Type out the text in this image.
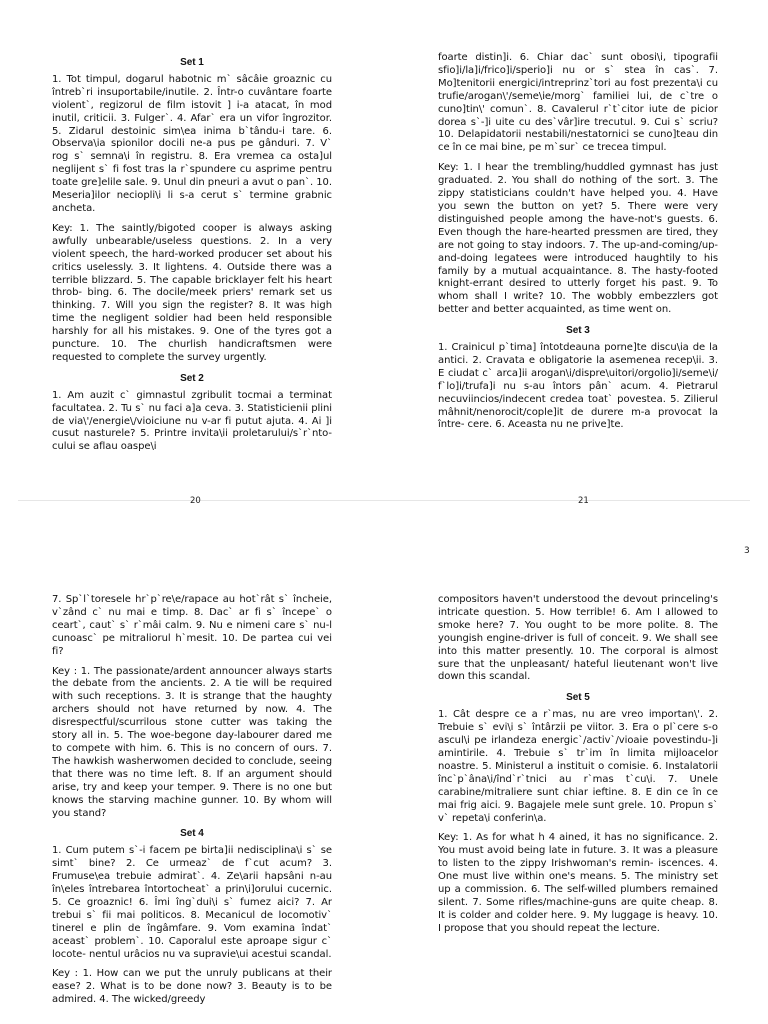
Set 1

1. Tot timpul, dogarul habotnic m` sâcâie groaznic cu întreb`ri insuportabile/inutile. 2. Într-o cuvântare foarte violent`, regizorul de film istovit ] i-a atacat, în mod inutil, criticii. 3. Fulger`. 4. Afar` era un vifor îngrozitor. 5. Zidarul destoinic sim\ea inima b`tându-i tare. 6. Observa\ia spionilor docili ne-a pus pe gânduri. 7. V` rog s` semna\i în registru. 8. Era vremea ca osta]ul neglijent s` fi fost tras la r`spundere cu asprime pentru toate gre]elile sale. 9. Unul din pneuri a avut o pan`. 10. Meseria]ilor neciopli\i li s-a cerut s` termine grabnic ancheta.

Key: 1. The saintly/bigoted cooper is always asking awfully unbearable/useless questions. 2. In a very violent speech, the hard-worked producer set about his critics uselessly. 3. It lightens. 4. Outside there was a terrible blizzard. 5. The capable bricklayer felt his heart throb- bing. 6. The docile/meek priers' remark set us thinking. 7. Will you sign the register? 8. It was high time the negligent soldier had been held responsible harshly for all his mistakes. 9. One of the tyres got a puncture. 10. The churlish handicraftsmen were requested to complete the survey urgently.

Set 2

1. Am auzit c` gimnastul zgribulit tocmai a terminat facultatea. 2. Tu s` nu faci a]a ceva. 3. Statisticienii plini de via\'/energie\/vioiciune nu v-ar fi putut ajuta. 4. Ai ]i cusut nasturele? 5. Printre invita\ii proletarului/s`r`nto- cului se aflau oaspe\i

foarte distin]i. 6. Chiar dac` sunt obosi\i, tipografii sfio]i/la]i/frico]i/sperio]i nu or s` stea în cas`. 7. Mo]tenitorii energici/intreprinz`tori au fost prezenta\i cu trufie/arogan\'/semе\ie/morg` familiei lui, de c`tre o cuno]tin\' comun`. 8. Cavalerul r`t`citor iute de picior dorea s`-]i uite cu des`vâr]ire trecutul. 9. Cui s` scriu? 10. Delapidatorii nestabili/nestatornici se cuno]teau din ce în ce mai bine, pe m`sur` ce trecea timpul.

Key: 1. I hear the trembling/huddled gymnast has just graduated. 2. You shall do nothing of the sort. 3. The zippy statisticians couldn't have helped you. 4. Have you sewn the button on yet? 5. There were very distinguished people among the have-not's guests. 6. Even though the hare-hearted pressmen are tired, they are not going to stay indoors. 7. The up-and-coming/up-and-doing legatees were introduced haughtily to his family by a mutual acquaintance. 8. The hasty-footed knight-errant desired to utterly forget his past. 9. To whom shall I write? 10. The wobbly embezzlers got better and better acquainted, as time went on.

Set 3

1. Crainicul p`tima] întotdeauna porne]te discu\ia de la antici. 2. Cravata e obligatorie la asemenea recep\ii. 3. E ciudat c` arca]ii arogan\i/dispre\uitori/orgolio]i/seme\i/ f`lo]i/trufa]i nu s-au întors pân` acum. 4. Pietrarul necuviincios/indecent credea toat` povestea. 5. Zilierul mâhnit/nenorocit/cople]it de durere m-a provocat la între- cere. 6. Aceasta nu ne prive]te.

20	21
3

7. Sp`l`toresele hr`p`re\e/rapace au hot`rât s` încheie, v`zând c` nu mai e timp. 8. Dac` ar fi s` începe` o ceart`, caut` s` r`mâi calm. 9. Nu e nimeni care s` nu-l cunoasc` pe mitraliorul h`mesit. 10. De partea cui vei fi?

Key : 1. The passionate/ardent announcer always starts the debate from the ancients. 2. A tie will be required with such receptions. 3. It is strange that the haughty archers should not have returned by now. 4. The disrespectful/scurrilous stone cutter was taking the story all in. 5. The woe-begone day-labourer dared me to compete with him. 6. This is no concern of ours. 7. The hawkish washerwomen decided to conclude, seeing that there was no time left. 8. If an argument should arise, try and keep your temper. 9. There is no one but knows the starving machine gunner. 10. By whom will you stand?

Set 4

1. Cum putem s`-i facem pe birta]ii nedisciplina\i s` se simt` bine? 2. Ce urmeaz` de f`cut acum? 3. Frumuse\ea trebuie admirat`. 4. Ze\arii hapsâni n-au în\eles întrebarea întortocheat` a prin\i]orului cucernic. 5. Ce groaznic! 6. Îmi îng`dui\i s` fumez aici? 7. Ar trebui s` fii mai politicos. 8. Mecanicul de locomotiv` tinerel e plin de îngâmfare. 9. Vom examina îndat` aceast` problem`. 10. Caporalul este aproape sigur c` locote- nentul urâcios nu va supravie\ui acestui scandal.

Key : 1. How can we put the unruly publicans at their ease? 2. What is to be done now? 3. Beauty is to be admired. 4. The wicked/greedy

compositors haven't understood the devout princeling's intricate question. 5. How terrible! 6. Am I allowed to smoke here? 7. You ought to be more polite. 8. The youngish engine-driver is full of conceit. 9. We shall see into this matter presently. 10. The corporal is almost sure that the unpleasant/ hateful lieutenant won't live down this scandal.

Set 5

1. Cât despre ce a r`mas, nu are vreo importan\'. 2. Trebuie s` evi\i s` întârzii pe viitor. 3. Era o pl`cere s-o ascul\i pe irlandeza energic`/activ`/vioaie povestindu-]i amintirile. 4. Trebuie s` tr`im în limita mijloacelor noastre. 5. Ministerul a instituit o comisie. 6. Instalatorii înc`p`âna\i/înd`r`tnici au r`mas t`cu\i. 7. Unele carabine/mitraliere sunt chiar ieftine. 8. E din ce în ce mai frig aici. 9. Bagajele mele sunt grele. 10. Propun s` v` repeta\i conferin\a.

Key: 1. As for what h 4 ained, it has no significance. 2. You must avoid being late in future. 3. It was a pleasure to listen to the zippy Irishwoman's remin- iscences. 4. One must live within one's means. 5. The ministry set up a commission. 6. The self-willed plumbers remained silent. 7. Some rifles/machine-guns are quite cheap. 8. It is colder and colder here. 9. My luggage is heavy. 10. I propose that you should repeat the lecture.
